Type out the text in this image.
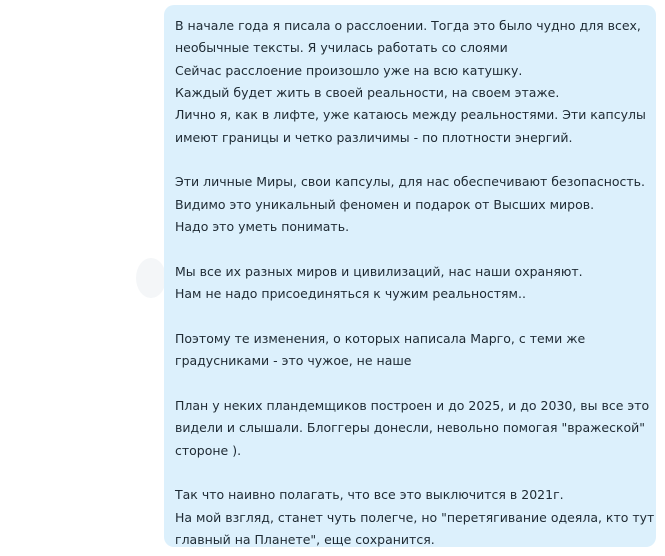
В начале года я писала о расслоении. Тогда это было чудно для всех,
необычные тексты. Я училась работать со слоями
Сейчас расслоение произошло уже на всю катушку.
Каждый будет жить в своей реальности, на своем этаже.
Лично я, как в лифте, уже катаюсь между реальностями. Эти капсулы
имеют границы и четко различимы - по плотности энергий.

Эти личные Миры, свои капсулы, для нас обеспечивают безопасность.
Видимо это уникальный феномен и подарок от Высших миров.
Надо это уметь понимать.

Мы все их разных миров и цивилизаций, нас наши охраняют.
Нам не надо присоединяться к чужим реальностям..

Поэтому те изменения, о которых написала Марго, с теми же
градусниками - это чужое, не наше

План у неких пландемщиков построен и до 2025, и до 2030, вы все это
видели и слышали. Блоггеры донесли, невольно помогая "вражеской"
стороне ).

Так что наивно полагать, что все это выключится в 2021г.
На мой взгляд, станет чуть полегче, но "перетягивание одеяла, кто тут
главный на Планете", еще сохранится.
